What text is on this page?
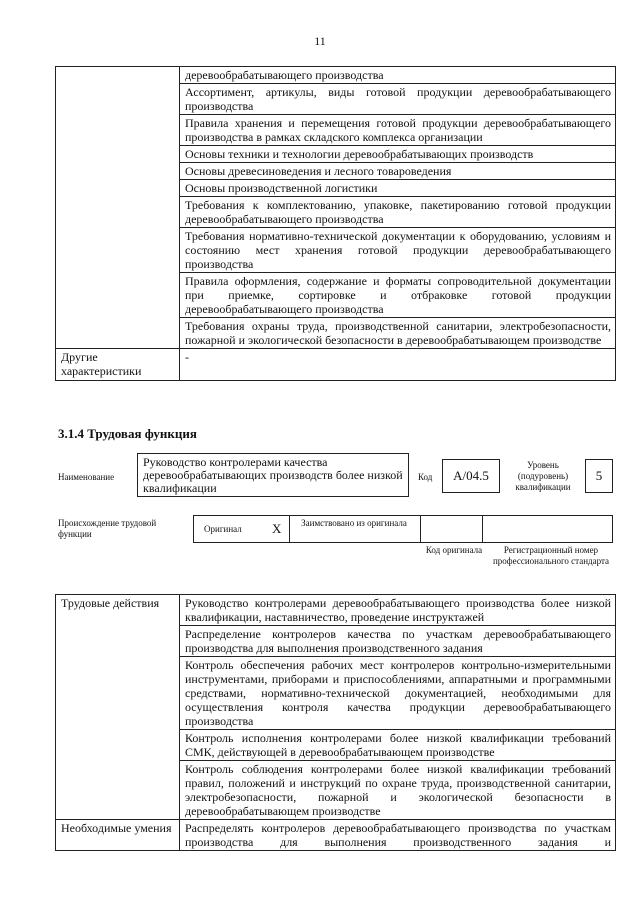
11
	деревообрабатывающего производства
	Ассортимент, артикулы, виды готовой продукции деревообрабатывающего производства
	Правила хранения и перемещения готовой продукции деревообрабатывающего производства в рамках складского комплекса организации
	Основы техники и технологии деревообрабатывающих производств
	Основы древесиноведения и лесного товароведения
	Основы производственной логистики
	Требования к комплектованию, упаковке, пакетированию готовой продукции деревообрабатывающего производства
	Требования нормативно-технической документации к оборудованию, условиям и состоянию мест хранения готовой продукции деревообрабатывающего производства
	Правила оформления, содержание и форматы сопроводительной документации при приемке, сортировке и отбраковке готовой продукции деревообрабатывающего производства
	Требования охраны труда, производственной санитарии, электробезопасности, пожарной и экологической безопасности в деревообрабатывающем производстве
Другие характеристики	-
3.1.4 Трудовая функция
Наименование
Руководство контролерами качества деревообрабатывающих производств более низкой квалификации
Код	A/04.5
Уровень (подуровень) квалификации
5
Происхождение трудовой функции	Оригинал X	Заимствовано из оригинала
Код оригинала	Регистрационный номер профессионального стандарта
Трудовые действия	Руководство контролерами деревообрабатывающего производства более низкой квалификации, наставничество, проведение инструктажей
	Распределение контролеров качества по участкам деревообрабатывающего производства для выполнения производственного задания
	Контроль обеспечения рабочих мест контролеров контрольно-измерительными инструментами, приборами и приспособлениями, аппаратными и программными средствами, нормативно-технической документацией, необходимыми для осуществления контроля качества продукции деревообрабатывающего производства
	Контроль исполнения контролерами более низкой квалификации требований СМК, действующей в деревообрабатывающем производстве
	Контроль соблюдения контролерами более низкой квалификации требований правил, положений и инструкций по охране труда, производственной санитарии, электробезопасности, пожарной и экологической безопасности в деревообрабатывающем производстве
Необходимые умения	Распределять контролеров деревообрабатывающего производства по участкам производства для выполнения производственного задания и
